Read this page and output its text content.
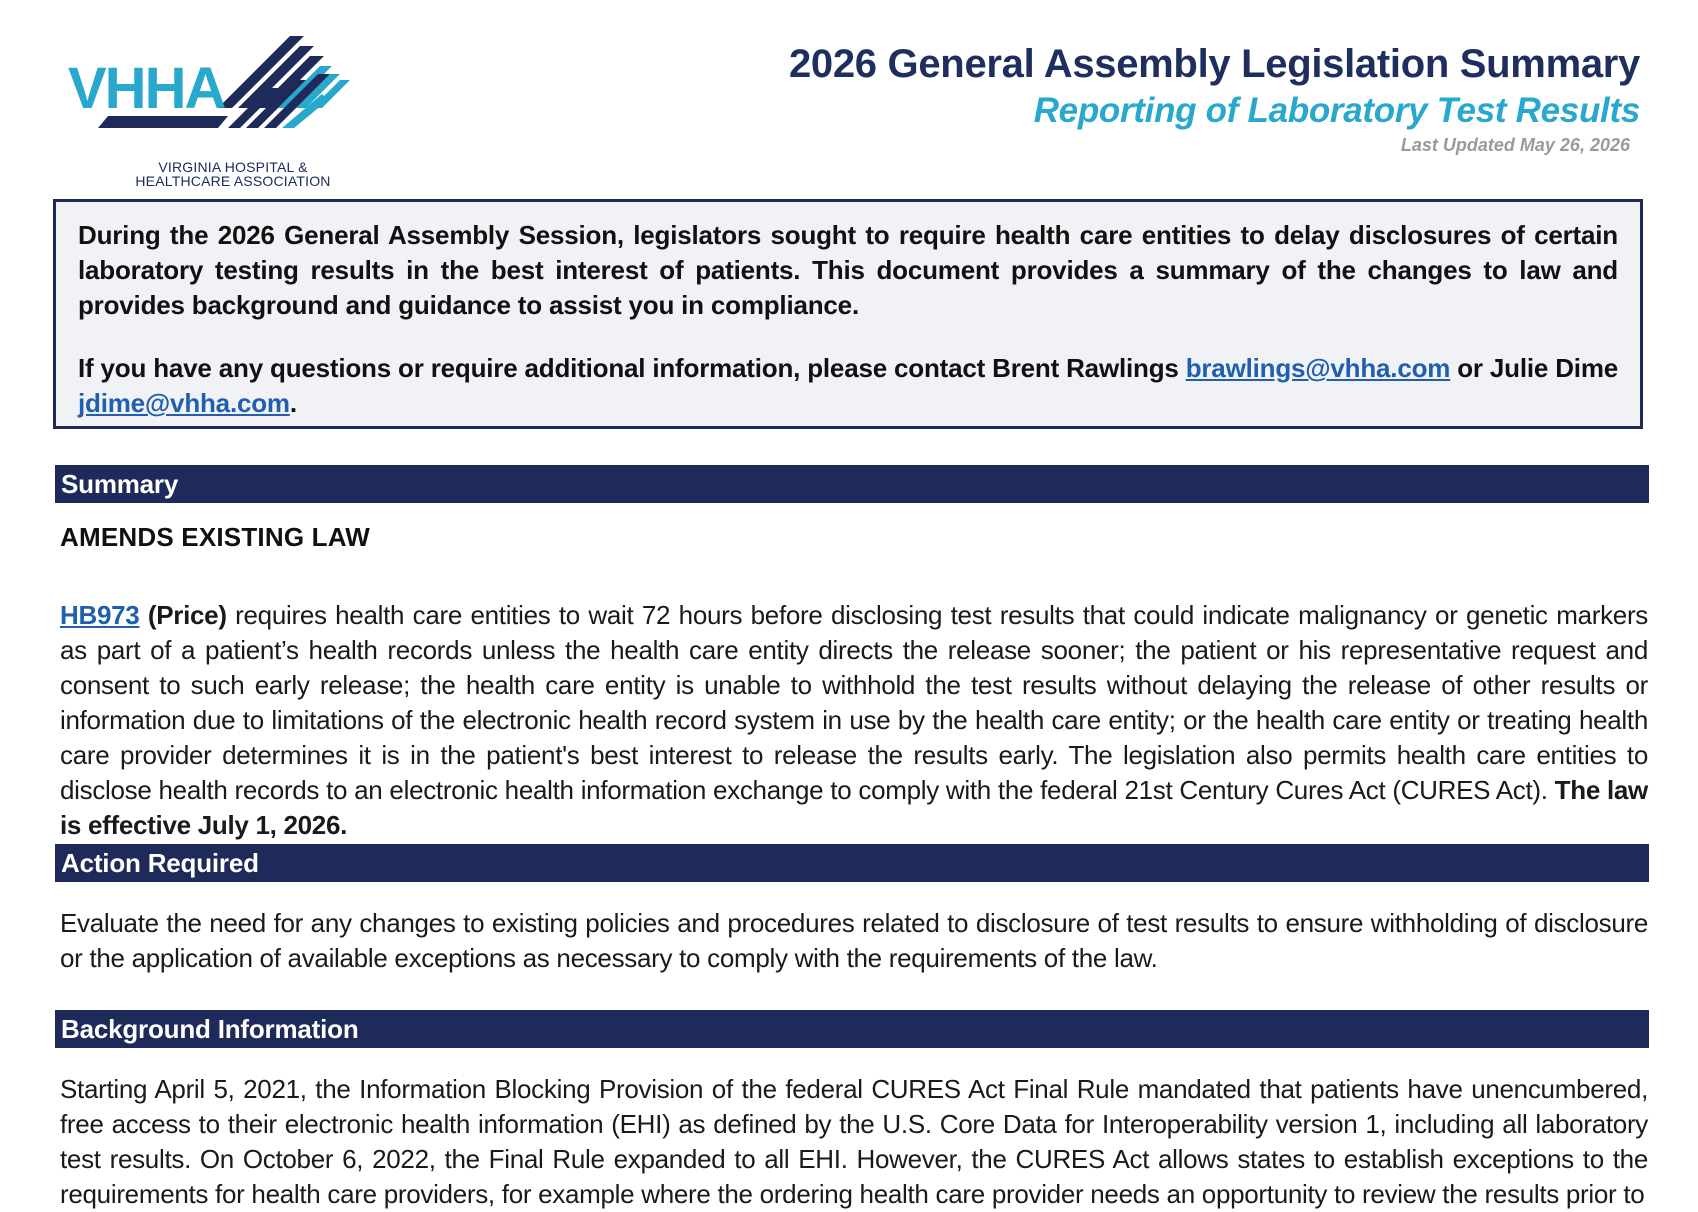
VHHA
VIRGINIA HOSPITAL &
HEALTHCARE ASSOCIATION
2026 General Assembly Legislation Summary
Reporting of Laboratory Test Results
Last Updated May 26, 2026

During the 2026 General Assembly Session, legislators sought to require health care entities to delay disclosures of certain laboratory testing results in the best interest of patients. This document provides a summary of the changes to law and provides background and guidance to assist you in compliance.

If you have any questions or require additional information, please contact Brent Rawlings brawlings@vhha.com or Julie Dime jdime@vhha.com.

Summary
AMENDS EXISTING LAW
HB973 (Price) requires health care entities to wait 72 hours before disclosing test results that could indicate malignancy or genetic markers as part of a patient’s health records unless the health care entity directs the release sooner; the patient or his representative request and consent to such early release; the health care entity is unable to withhold the test results without delaying the release of other results or information due to limitations of the electronic health record system in use by the health care entity; or the health care entity or treating health care provider determines it is in the patient's best interest to release the results early. The legislation also permits health care entities to disclose health records to an electronic health information exchange to comply with the federal 21st Century Cures Act (CURES Act). The law is effective July 1, 2026.
Action Required
Evaluate the need for any changes to existing policies and procedures related to disclosure of test results to ensure withholding of disclosure or the application of available exceptions as necessary to comply with the requirements of the law.
Background Information
Starting April 5, 2021, the Information Blocking Provision of the federal CURES Act Final Rule mandated that patients have unencumbered, free access to their electronic health information (EHI) as defined by the U.S. Core Data for Interoperability version 1, including all laboratory test results. On October 6, 2022, the Final Rule expanded to all EHI. However, the CURES Act allows states to establish exceptions to the requirements for health care providers, for example where the ordering health care provider needs an opportunity to review the results prior to
